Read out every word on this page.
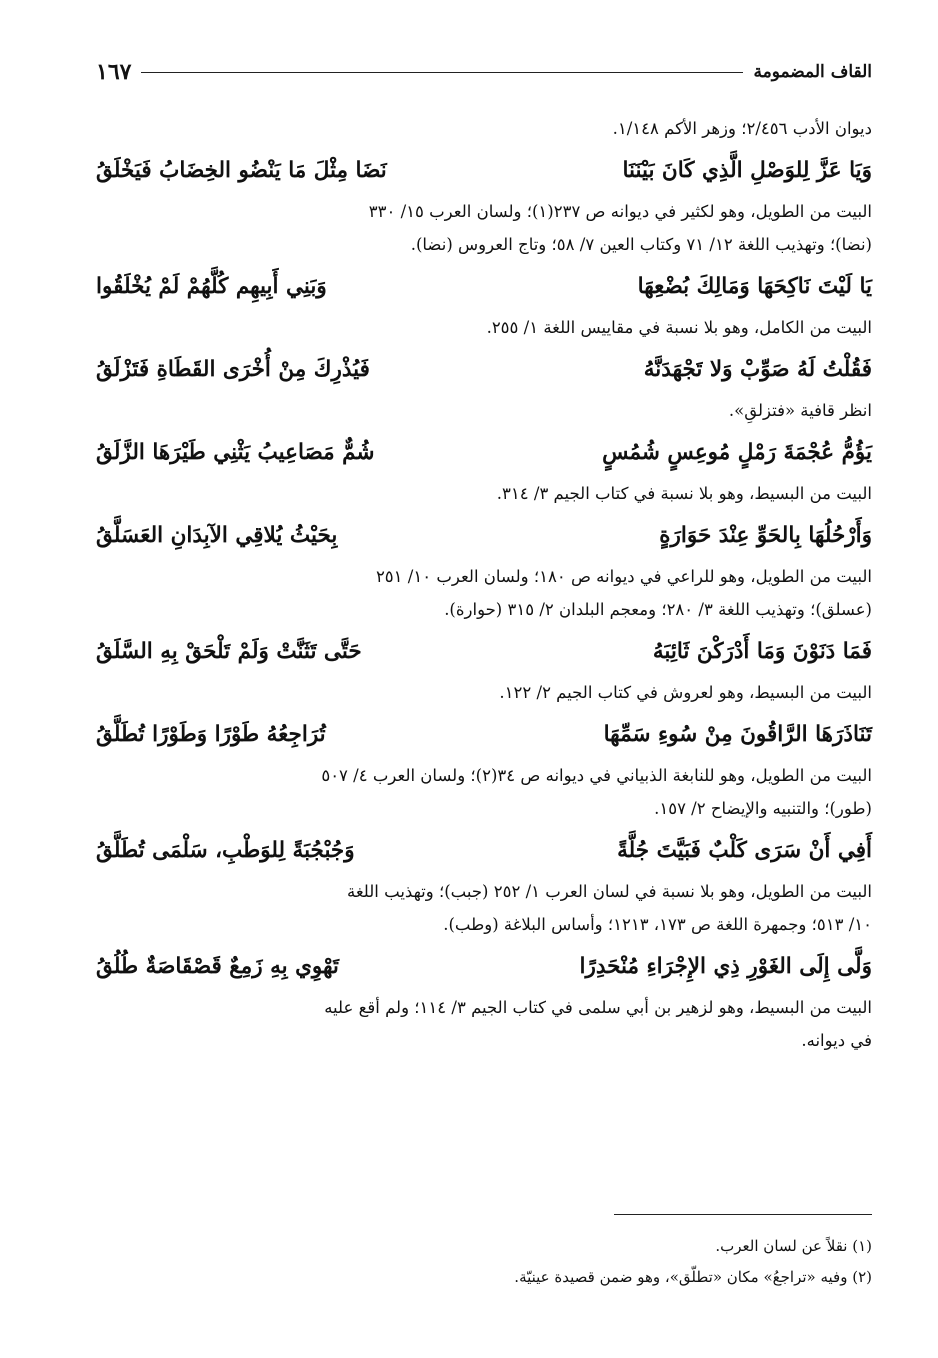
١٦٧	القاف المضمومة
ديوان الأدب ٢/٤٥٦؛ وزهر الأكم ١/١٤٨.
وَيَا عَزَّ لِلوَصْلِ الَّذِي كَانَ بَيْنَنَا
نَضَا مِثْلَ مَا يَنْضُو الخِضَابُ فَيَخْلَقُ
البيت من الطويل، وهو لكثير في ديوانه ص ٢٣٧(١)؛ ولسان العرب ١٥/ ٣٣٠
(نضا)؛ وتهذيب اللغة ١٢/ ٧١ وكتاب العين ٧/ ٥٨؛ وتاج العروس (نضا).
يَا لَيْتَ نَاكِحَهَا وَمَالِكَ بُضْعِهَا
وَبَنِي أَبِيهِم كُلَّهُمْ لَمْ يُخْلَقُوا
البيت من الكامل، وهو بلا نسبة في مقاييس اللغة ١/ ٢٥٥.
فَقُلْتُ لَهُ صَوِّبْ وَلا تَجْهَدَنَّهُ
فَيُذْرِكَ مِنْ أُخْرَى القَطَاةِ فَتَزْلَقُ
انظر قافية «فتزلقِ».
يَؤُمُّ عُجْمَةَ رَمْلٍ مُوعِسٍ شُمُسٍ
شُمٌّ مَصَاعِيبُ يَثْنِي طَيْرَهَا الزَّلَقُ
البيت من البسيط، وهو بلا نسبة في كتاب الجيم ٣/ ٣١٤.
وَأَرْحُلُهَا بِالحَوِّ عِنْدَ حَوَارَةٍ
بِحَيْثُ يُلاقِي الآبِدَانِ العَسَلَّقُ
البيت من الطويل، وهو للراعي في ديوانه ص ١٨٠؛ ولسان العرب ١٠/ ٢٥١
(عسلق)؛ وتهذيب اللغة ٣/ ٢٨٠؛ ومعجم البلدان ٢/ ٣١٥ (حوارة).
فَمَا دَنَوْنَ وَمَا أَدْرَكْنَ ثَائِبَهُ
حَتَّى تَثَنَّتْ وَلَمْ تَلْحَقْ بِهِ السَّلَقُ
البيت من البسيط، وهو لعروش في كتاب الجيم ٢/ ١٢٢.
تَنَاذَرَهَا الرَّاقُونَ مِنْ سُوءِ سَمِّهَا
تُرَاجِعُهُ طَوْرًا وَطَوْرًا تُطَلَّقُ
البيت من الطويل، وهو للنابغة الذبياني في ديوانه ص ٣٤(٢)؛ ولسان العرب ٤/ ٥٠٧
(طور)؛ والتنبيه والإيضاح ٢/ ١٥٧.
أَفِي أَنْ سَرَى كَلْبٌ فَبَيَّتَ جُلَّةً
وَجُبْجُبَةً لِلوَطْبِ، سَلْمَى تُطَلَّقُ
البيت من الطويل، وهو بلا نسبة في لسان العرب ١/ ٢٥٢ (جبب)؛ وتهذيب اللغة
١٠/ ٥١٣؛ وجمهرة اللغة ص ١٧٣، ١٢١٣؛ وأساس البلاغة (وطب).
وَلَّى إِلَى الغَوْرِ ذِي الإِجْرَاءِ مُنْحَدِرًا
تَهْوِي بِهِ زَمِعٌ قَصْقَاصَةٌ طُلُقُ
البيت من البسيط، وهو لزهير بن أبي سلمى في كتاب الجيم ٣/ ١١٤؛ ولم أقع عليه
في ديوانه.
(١) نقلاً عن لسان العرب.
(٢) وفيه «تراجعُ» مكان «تطلّق»، وهو ضمن قصيدة عينيّة.
